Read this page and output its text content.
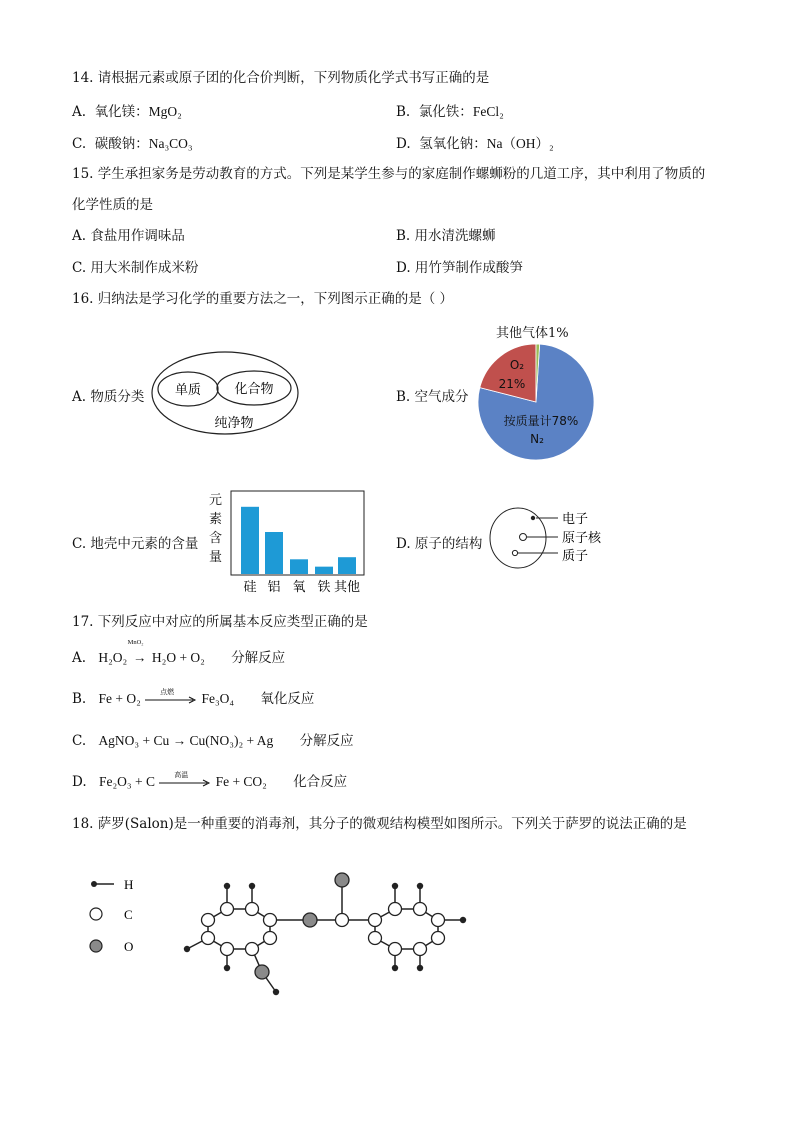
14. 请根据元素或原子团的化合价判断，下列物质化学式书写正确的是
A. 氧化镁：MgO₂	B. 氯化铁：FeCl₂
C. 碳酸钠：Na₃CO₃	D. 氢氧化钠：Na（OH）₂
15. 学生承担家务是劳动教育的方式。下列是某学生参与的家庭制作螺蛳粉的几道工序，其中利用了物质的
化学性质的是
A. 食盐用作调味品	B. 用水清洗螺蛳
C. 用大米制作成米粉	D. 用竹笋制作成酸笋
16. 归纳法是学习化学的重要方法之一，下列图示正确的是（ ）
A. 物质分类 单质	化合物
纯净物
B. 空气成分
其他气体1%
O₂
21%
按质量计78%
N₂
C. 地壳中元素的含量
元
素
含
量
硅 铝 氧 铁 其他
D. 原子的结构
电子
原子核
质子
17. 下列反应中对应的所属基本反应类型正确的是
A. H₂O₂ →
MnO₂
H₂O + O₂ 分解反应
B. Fe + O₂	点燃 Fe₃O₄ 氧化反应
C. AgNO₃ + Cu → Cu(NO₃)₂ + Ag 分解反应
D. Fe₂O₃ + C	高温 Fe + CO₂ 化合反应
18. 萨罗(Salon)是一种重要的消毒剂，其分子的微观结构模型如图所示。下列关于萨罗的说法正确的是
H
C
O
